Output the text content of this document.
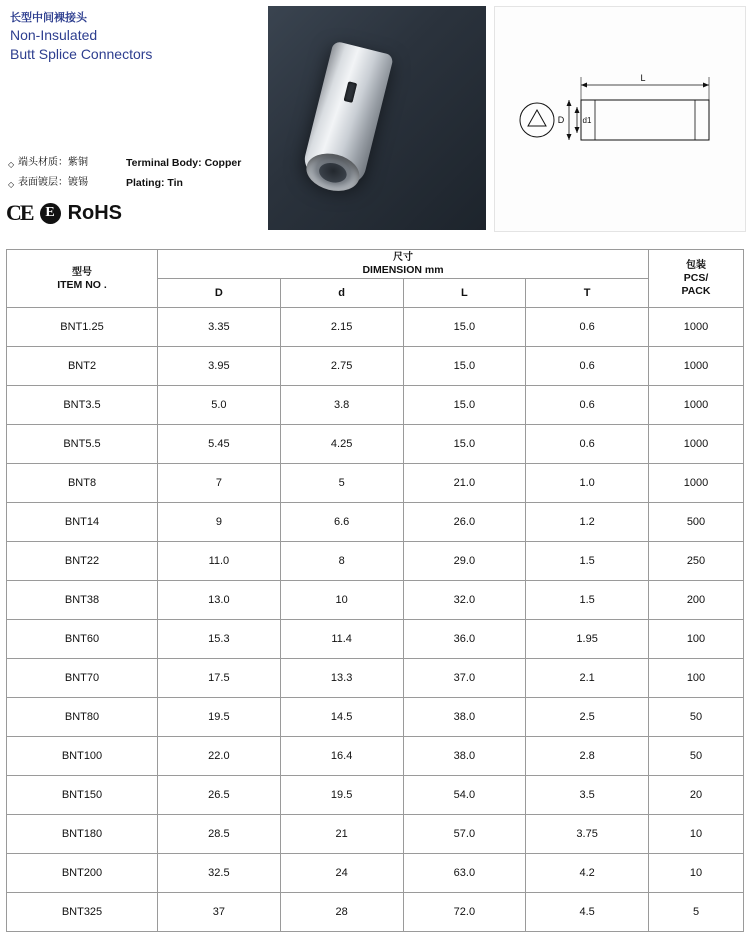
长型中间裸接头
Non-Insulated
Butt Splice Connectors
◇ 端头材质：紫铜	Terminal Body: Copper
◇ 表面镀层：镀锡	Plating: Tin
CE E RoHS
L
D d1
型号
ITEM NO .	尺寸
DIMENSION mm				包装
PCS/
PACK

	D	d	L	T	
BNT1.25	3.35	2.15	15.0	0.6	1000
BNT2	3.95	2.75	15.0	0.6	1000
BNT3.5	5.0	3.8	15.0	0.6	1000
BNT5.5	5.45	4.25	15.0	0.6	1000
BNT8	7	5	21.0	1.0	1000
BNT14	9	6.6	26.0	1.2	500
BNT22	11.0	8	29.0	1.5	250
BNT38	13.0	10	32.0	1.5	200
BNT60	15.3	11.4	36.0	1.95	100
BNT70	17.5	13.3	37.0	2.1	100
BNT80	19.5	14.5	38.0	2.5	50
BNT100	22.0	16.4	38.0	2.8	50
BNT150	26.5	19.5	54.0	3.5	20
BNT180	28.5	21	57.0	3.75	10
BNT200	32.5	24	63.0	4.2	10
BNT325	37	28	72.0	4.5	5
